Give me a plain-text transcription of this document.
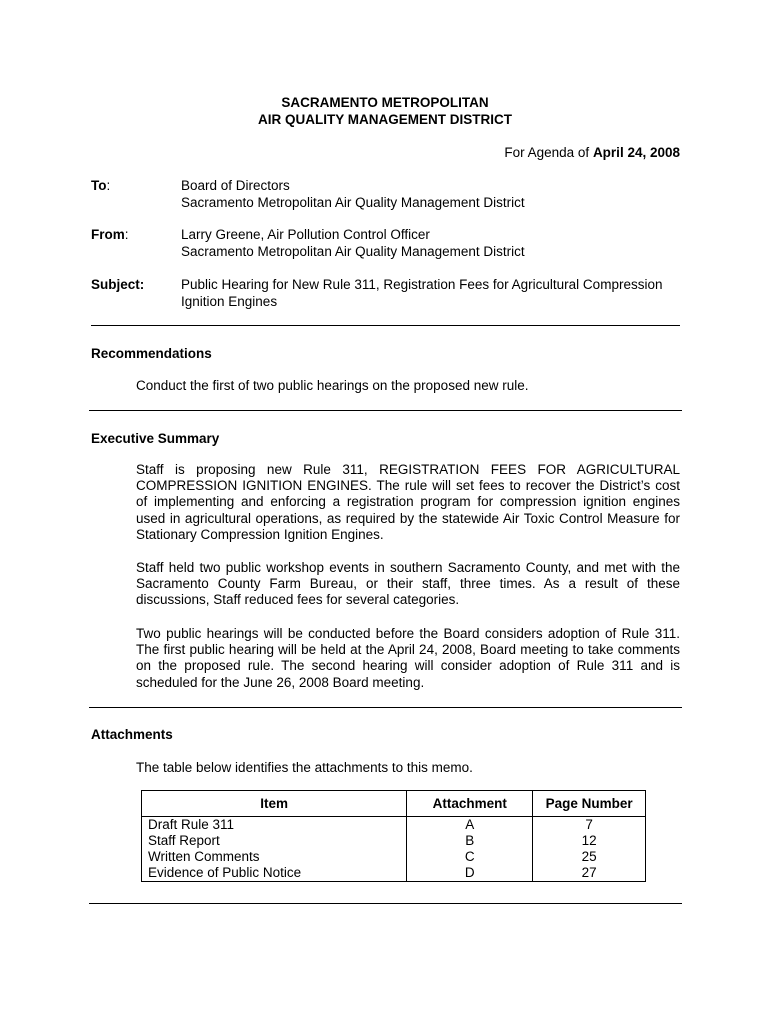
SACRAMENTO METROPOLITAN
AIR QUALITY MANAGEMENT DISTRICT
For Agenda of April 24, 2008
To:	Board of Directors
Sacramento Metropolitan Air Quality Management District
From:	Larry Greene, Air Pollution Control Officer
Sacramento Metropolitan Air Quality Management District
Subject:	Public Hearing for New Rule 311, Registration Fees for Agricultural Compression
Ignition Engines
Recommendations
Conduct the first of two public hearings on the proposed new rule.
Executive Summary
Staff is proposing new Rule 311, REGISTRATION FEES FOR AGRICULTURAL COMPRESSION IGNITION ENGINES. The rule will set fees to recover the District’s cost of implementing and enforcing a registration program for compression ignition engines used in agricultural operations, as required by the statewide Air Toxic Control Measure for Stationary Compression Ignition Engines.
Staff held two public workshop events in southern Sacramento County, and met with the Sacramento County Farm Bureau, or their staff, three times. As a result of these discussions, Staff reduced fees for several categories.
Two public hearings will be conducted before the Board considers adoption of Rule 311. The first public hearing will be held at the April 24, 2008, Board meeting to take comments on the proposed rule. The second hearing will consider adoption of Rule 311 and is scheduled for the June 26, 2008 Board meeting.
Attachments
The table below identifies the attachments to this memo.
Item	Attachment	Page Number
Draft Rule 311	A	7
Staff Report	B	12
Written Comments	C	25
Evidence of Public Notice	D	27
